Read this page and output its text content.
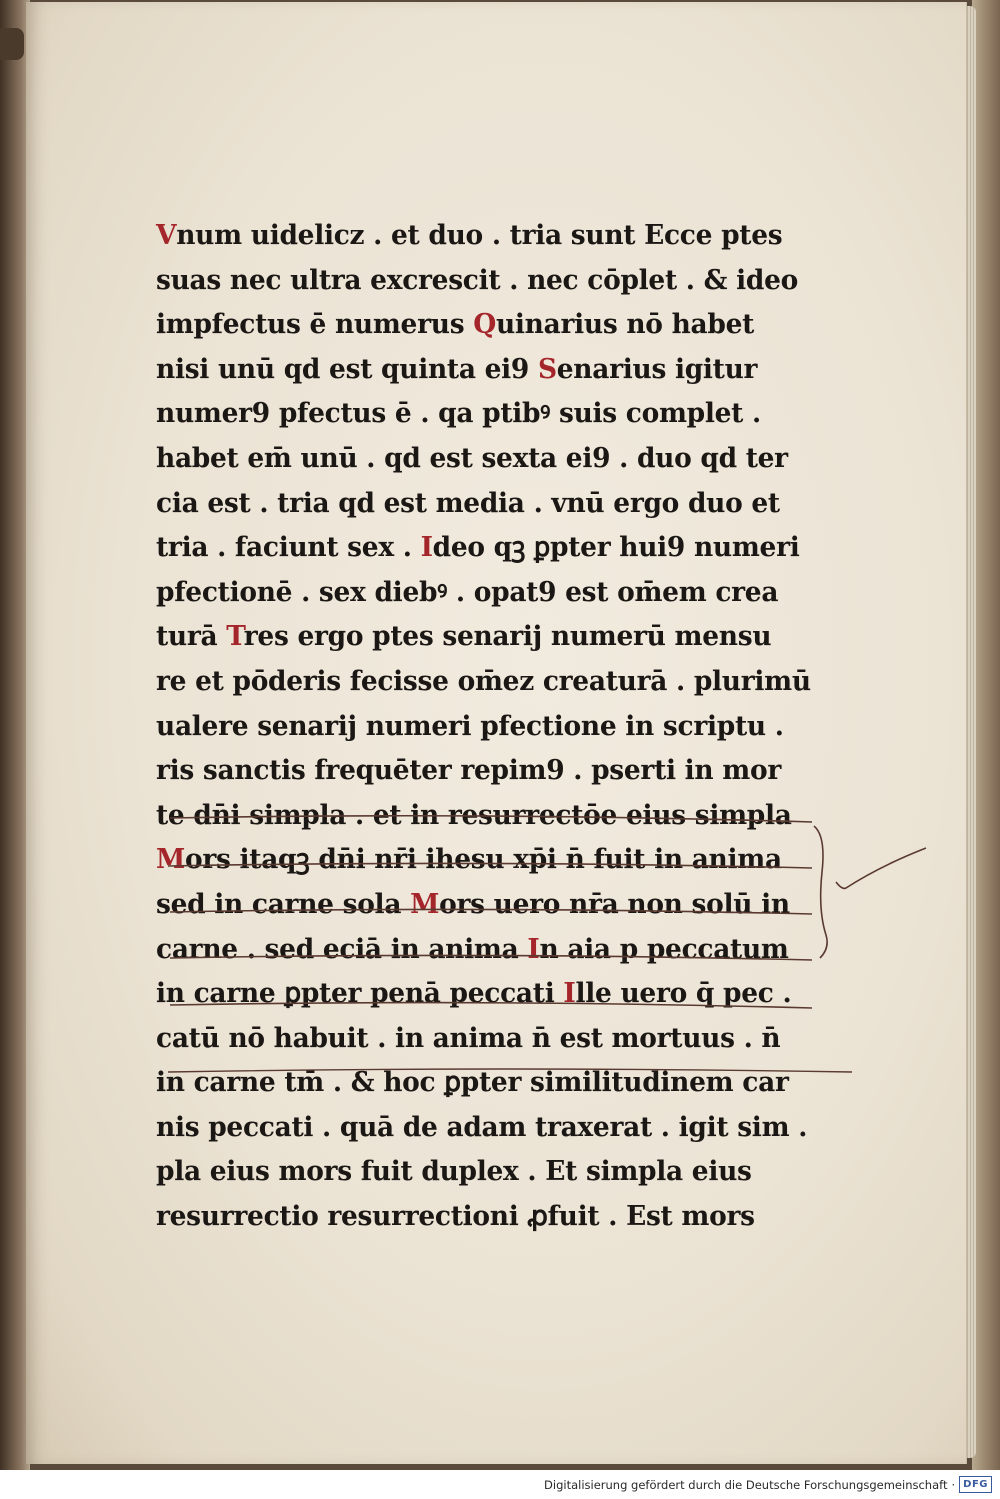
Vnum uidelicz . et duo . tria sunt Ecce ptes
suas nec ultra excrescit . nec cōplet . & ideo
impfectus ē numerus Quinarius nō habet
nisi unū qd est quinta ei9 Senarius igitur
numer9 pfectus ē . qa ptibꝰ suis complet .
habet em̄ unū . qd est sexta ei9 . duo qd ter
cia est . tria qd est media . vnū ergo duo et
tria . faciunt sex . Ideo qꝫ ꝑpter hui9 numeri
pfectionē . sex diebꝰ . opat9 est om̄em crea
turā Tres ergo ptes senarij numerū mensu
re et pōderis fecisse om̄ez creaturā . plurimū
ualere senarij numeri pfectione in scriptu .
ris sanctis frequēter repim9 . pserti in mor
te dn̄i simpla . et in resurrectōe eius simpla
Mors itaqꝫ dn̄i nr̄i ihesu xp̄i n̄ fuit in anima
sed in carne sola Mors uero nr̄a non solū in
carne . sed eciā in anima In aia p peccatum
in carne ꝑpter penā peccati Ille uero q̄ pec .
catū nō habuit . in anima n̄ est mortuus . n̄
in carne tm̄ . & hoc ꝑpter similitudinem car
nis peccati . quā de adam traxerat . igit sim .
pla eius mors fuit duplex . Et simpla eius
resurrectio resurrectioni ꝓfuit . Est mors
Digitalisierung gefördert durch die Deutsche Forschungsgemeinschaft · DFG
